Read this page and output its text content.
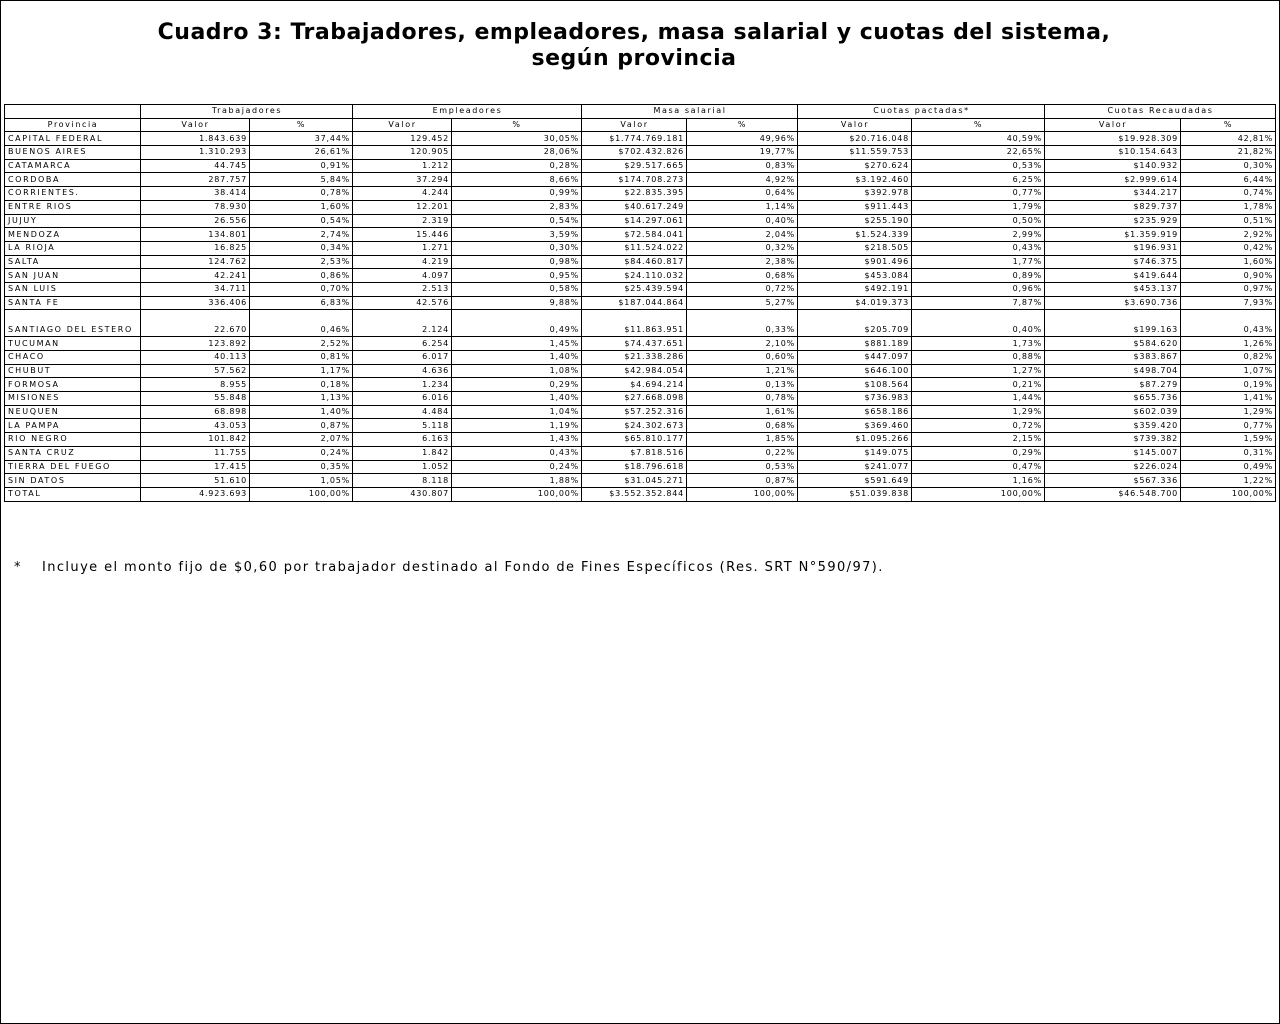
Cuadro 3: Trabajadores, empleadores, masa salarial y cuotas del sistema,
según provincia
	Trabajadores		Empleadores		Masa salarial		Cuotas pactadas*		Cuotas Recaudadas	
Provincia	Valor	%	Valor	%	Valor	%	Valor	%	Valor	%
CAPITAL FEDERAL	1.843.639	37,44%	129.452	30,05%	$1.774.769.181	49,96%	$20.716.048	40,59%	$19.928.309	42,81%
BUENOS AIRES	1.310.293	26,61%	120.905	28,06%	$702.432.826	19,77%	$11.559.753	22,65%	$10.154.643	21,82%
CATAMARCA	44.745	0,91%	1.212	0,28%	$29.517.665	0,83%	$270.624	0,53%	$140.932	0,30%
CORDOBA	287.757	5,84%	37.294	8,66%	$174.708.273	4,92%	$3.192.460	6,25%	$2.999.614	6,44%
CORRIENTES.	38.414	0,78%	4.244	0,99%	$22.835.395	0,64%	$392.978	0,77%	$344.217	0,74%
ENTRE RIOS	78.930	1,60%	12.201	2,83%	$40.617.249	1,14%	$911.443	1,79%	$829.737	1,78%
JUJUY	26.556	0,54%	2.319	0,54%	$14.297.061	0,40%	$255.190	0,50%	$235.929	0,51%
MENDOZA	134.801	2,74%	15.446	3,59%	$72.584.041	2,04%	$1.524.339	2,99%	$1.359.919	2,92%
LA RIOJA	16.825	0,34%	1.271	0,30%	$11.524.022	0,32%	$218.505	0,43%	$196.931	0,42%
SALTA	124.762	2,53%	4.219	0,98%	$84.460.817	2,38%	$901.496	1,77%	$746.375	1,60%
SAN JUAN	42.241	0,86%	4.097	0,95%	$24.110.032	0,68%	$453.084	0,89%	$419.644	0,90%
SAN LUIS	34.711	0,70%	2.513	0,58%	$25.439.594	0,72%	$492.191	0,96%	$453.137	0,97%
SANTA FE	336.406	6,83%	42.576	9,88%	$187.044.864	5,27%	$4.019.373	7,87%	$3.690.736	7,93%
SANTIAGO DEL ESTERO	22.670	0,46%	2.124	0,49%	$11.863.951	0,33%	$205.709	0,40%	$199.163	0,43%
TUCUMAN	123.892	2,52%	6.254	1,45%	$74.437.651	2,10%	$881.189	1,73%	$584.620	1,26%
CHACO	40.113	0,81%	6.017	1,40%	$21.338.286	0,60%	$447.097	0,88%	$383.867	0,82%
CHUBUT	57.562	1,17%	4.636	1,08%	$42.984.054	1,21%	$646.100	1,27%	$498.704	1,07%
FORMOSA	8.955	0,18%	1.234	0,29%	$4.694.214	0,13%	$108.564	0,21%	$87.279	0,19%
MISIONES	55.848	1,13%	6.016	1,40%	$27.668.098	0,78%	$736.983	1,44%	$655.736	1,41%
NEUQUEN	68.898	1,40%	4.484	1,04%	$57.252.316	1,61%	$658.186	1,29%	$602.039	1,29%
LA PAMPA	43.053	0,87%	5.118	1,19%	$24.302.673	0,68%	$369.460	0,72%	$359.420	0,77%
RIO NEGRO	101.842	2,07%	6.163	1,43%	$65.810.177	1,85%	$1.095.266	2,15%	$739.382	1,59%
SANTA CRUZ	11.755	0,24%	1.842	0,43%	$7.818.516	0,22%	$149.075	0,29%	$145.007	0,31%
TIERRA DEL FUEGO	17.415	0,35%	1.052	0,24%	$18.796.618	0,53%	$241.077	0,47%	$226.024	0,49%
SIN DATOS	51.610	1,05%	8.118	1,88%	$31.045.271	0,87%	$591.649	1,16%	$567.336	1,22%
TOTAL	4.923.693	100,00%	430.807	100,00%	$3.552.352.844	100,00%	$51.039.838	100,00%	$46.548.700	100,00%
* Incluye el monto fijo de $0,60 por trabajador destinado al Fondo de Fines Específicos (Res. SRT N°590/97).
